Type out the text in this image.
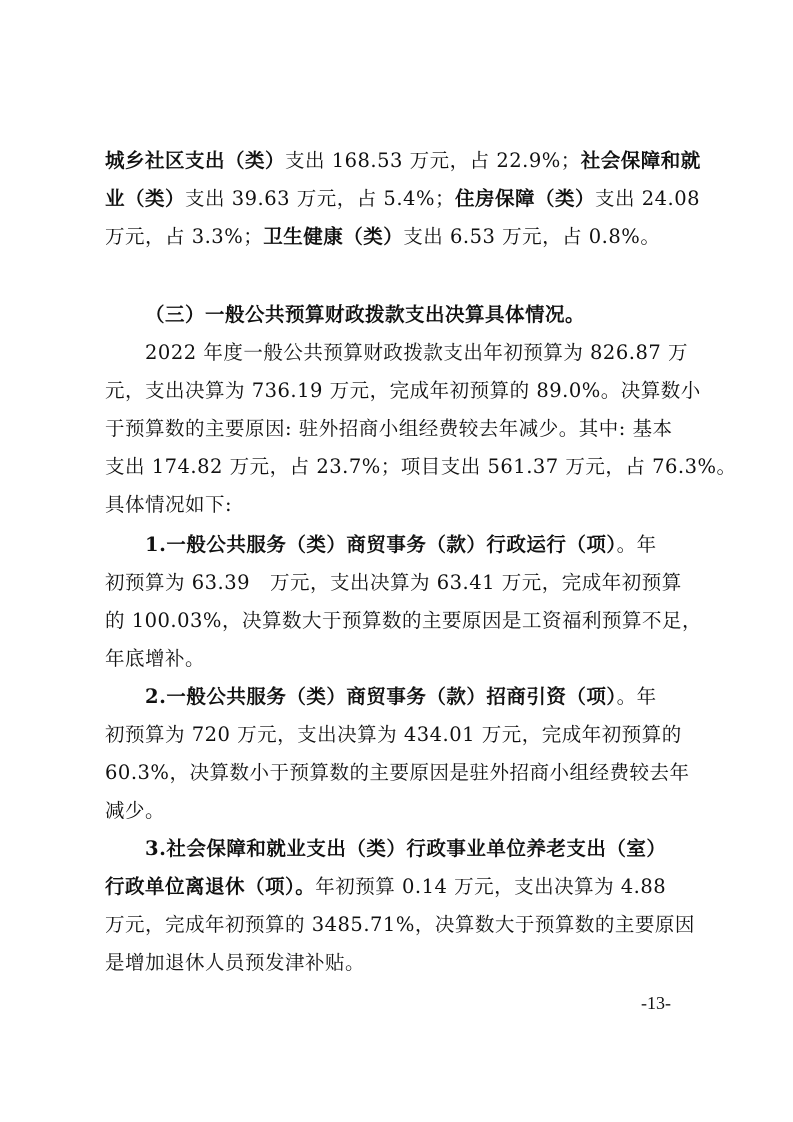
城乡社区支出（类）支出 168.53 万元，占 22.9%；社会保障和就
业（类）支出 39.63 万元，占 5.4%；住房保障（类）支出 24.08
万元，占 3.3%；卫生健康（类）支出 6.53 万元，占 0.8%。
（三）一般公共预算财政拨款支出决算具体情况。
2022 年度一般公共预算财政拨款支出年初预算为 826.87 万
元，支出决算为 736.19 万元，完成年初预算的 89.0%。决算数小
于预算数的主要原因: 驻外招商小组经费较去年减少。其中: 基本
支出 174.82 万元，占 23.7%；项目支出 561.37 万元，占 76.3%。
具体情况如下:
1.一般公共服务（类）商贸事务（款）行政运行（项）。年
初预算为 63.39　万元，支出决算为 63.41 万元，完成年初预算
的 100.03%，决算数大于预算数的主要原因是工资福利预算不足，
年底增补。
2.一般公共服务（类）商贸事务（款）招商引资（项）。年
初预算为 720 万元，支出决算为 434.01 万元，完成年初预算的
60.3%，决算数小于预算数的主要原因是驻外招商小组经费较去年
减少。
3.社会保障和就业支出（类）行政事业单位养老支出（室）
行政单位离退休（项）。年初预算 0.14 万元，支出决算为 4.88
万元，完成年初预算的 3485.71%，决算数大于预算数的主要原因
是增加退休人员预发津补贴。
-13-
